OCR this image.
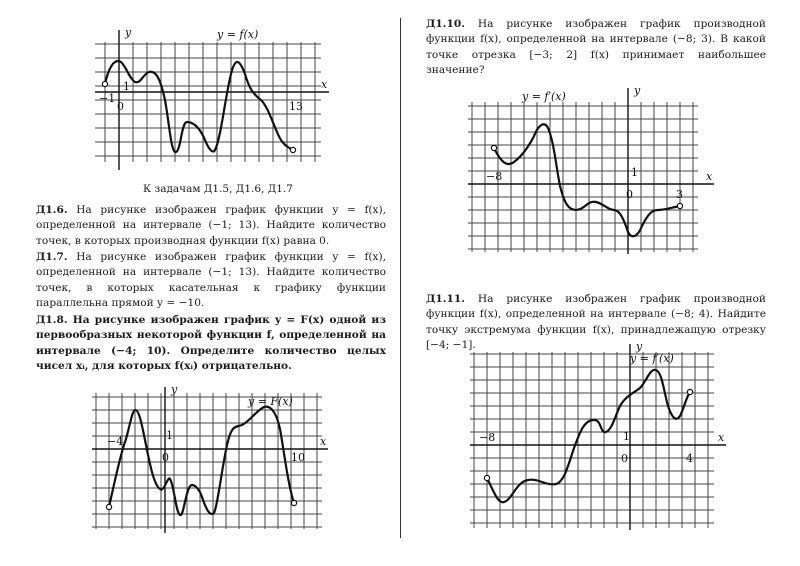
y
x
y = f(x)
−1
0
1
13
К задачам Д1.5, Д1.6, Д1.7
Д1.6. На рисунке изображен график функции y = f(x), определенной на интервале (−1; 13). Найдите количество точек, в которых производная функции f(x) равна 0.
Д1.7. На рисунке изображен график функции y = f(x), определенной на интервале (−1; 13). Найдите количество точек, в которых касательная к графику функции параллельна прямой y = −10.
Д1.8. На рисунке изображен график y = F(x) одной из первообразных некоторой функции f, определенной на интервале (−4; 10). Определите количество целых чисел xᵢ, для которых f(xᵢ) отрицательно.
y
x
y = F(x)
−4
0
1
10
Д1.10. На рисунке изображен график производной функции f(x), определенной на интервале (−8; 3). В какой точке отрезка [−3; 2] f(x) принимает наибольшее значение?
y
x
y = f′(x)
−8
0
1
3
Д1.11. На рисунке изображен график производной функции f(x), определенной на интервале (−8; 4). Найдите точку экстремума функции f(x), принадлежащую отрезку [−4; −1].	y
x
y = f′(x)
−8
0
1
4
